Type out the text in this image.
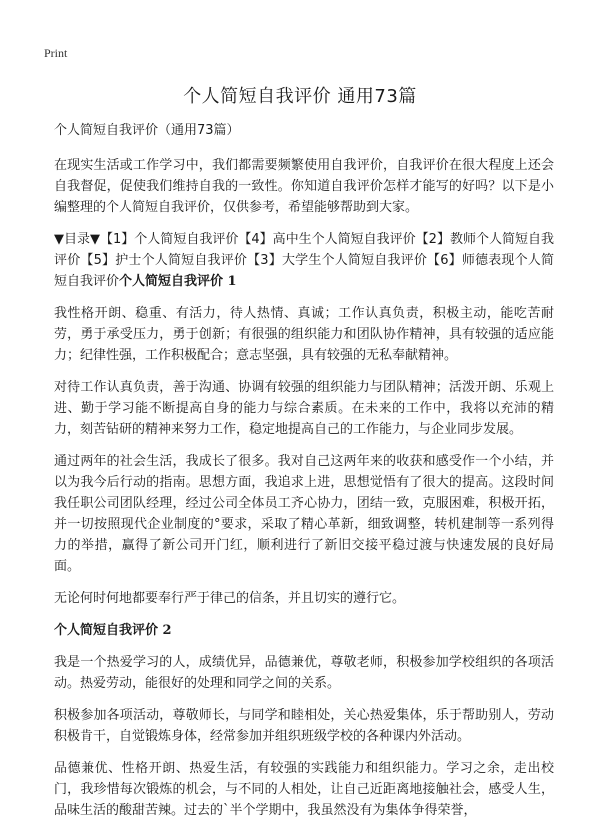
Print
个人简短自我评价 通用73篇

个人简短自我评价（通用73篇）

在现实生活或工作学习中，我们都需要频繁使用自我评价，自我评价在很大程度上还会自我督促，促使我们维持自我的一致性。你知道自我评价怎样才能写的好吗？以下是小编整理的个人简短自我评价，仅供参考，希望能够帮助到大家。

▼目录▼【1】个人简短自我评价【4】高中生个人简短自我评价【2】教师个人简短自我评价【5】护士个人简短自我评价【3】大学生个人简短自我评价【6】师德表现个人简短自我评价个人简短自我评价 1

我性格开朗、稳重、有活力，待人热情、真诚；工作认真负责，积极主动，能吃苦耐劳，勇于承受压力，勇于创新；有很强的组织能力和团队协作精神，具有较强的适应能力；纪律性强，工作积极配合；意志坚强，具有较强的无私奉献精神。

对待工作认真负责，善于沟通、协调有较强的组织能力与团队精神；活泼开朗、乐观上进、勤于学习能不断提高自身的能力与综合素质。在未来的工作中，我将以充沛的精力，刻苦钻研的精神来努力工作，稳定地提高自己的工作能力，与企业同步发展。

通过两年的社会生活，我成长了很多。我对自己这两年来的收获和感受作一个小结，并以为我今后行动的指南。思想方面，我追求上进，思想觉悟有了很大的提高。这段时间我任职公司团队经理，经过公司全体员工齐心协力，团结一致，克服困难，积极开拓，并一切按照现代企业制度的°要求，采取了精心革新，细致调整，转机建制等一系列得力的举措，赢得了新公司开门红，顺利进行了新旧交接平稳过渡与快速发展的良好局面。

无论何时何地都要奉行严于律己的信条，并且切实的遵行它。

个人简短自我评价 2

我是一个热爱学习的人，成绩优异，品德兼优，尊敬老师，积极参加学校组织的各项活动。热爱劳动，能很好的处理和同学之间的关系。

积极参加各项活动，尊敬师长，与同学和睦相处，关心热爱集体，乐于帮助别人，劳动积极肯干，自觉锻炼身体，经常参加并组织班级学校的各种课内外活动。

品德兼优、性格开朗、热爱生活，有较强的实践能力和组织能力。学习之余，走出校门，我珍惜每次锻炼的机会，与不同的人相处，让自己近距离地接触社会，感受人生，品味生活的酸甜苦辣。过去的`半个学期中，我虽然没有为集体争得荣誉，
